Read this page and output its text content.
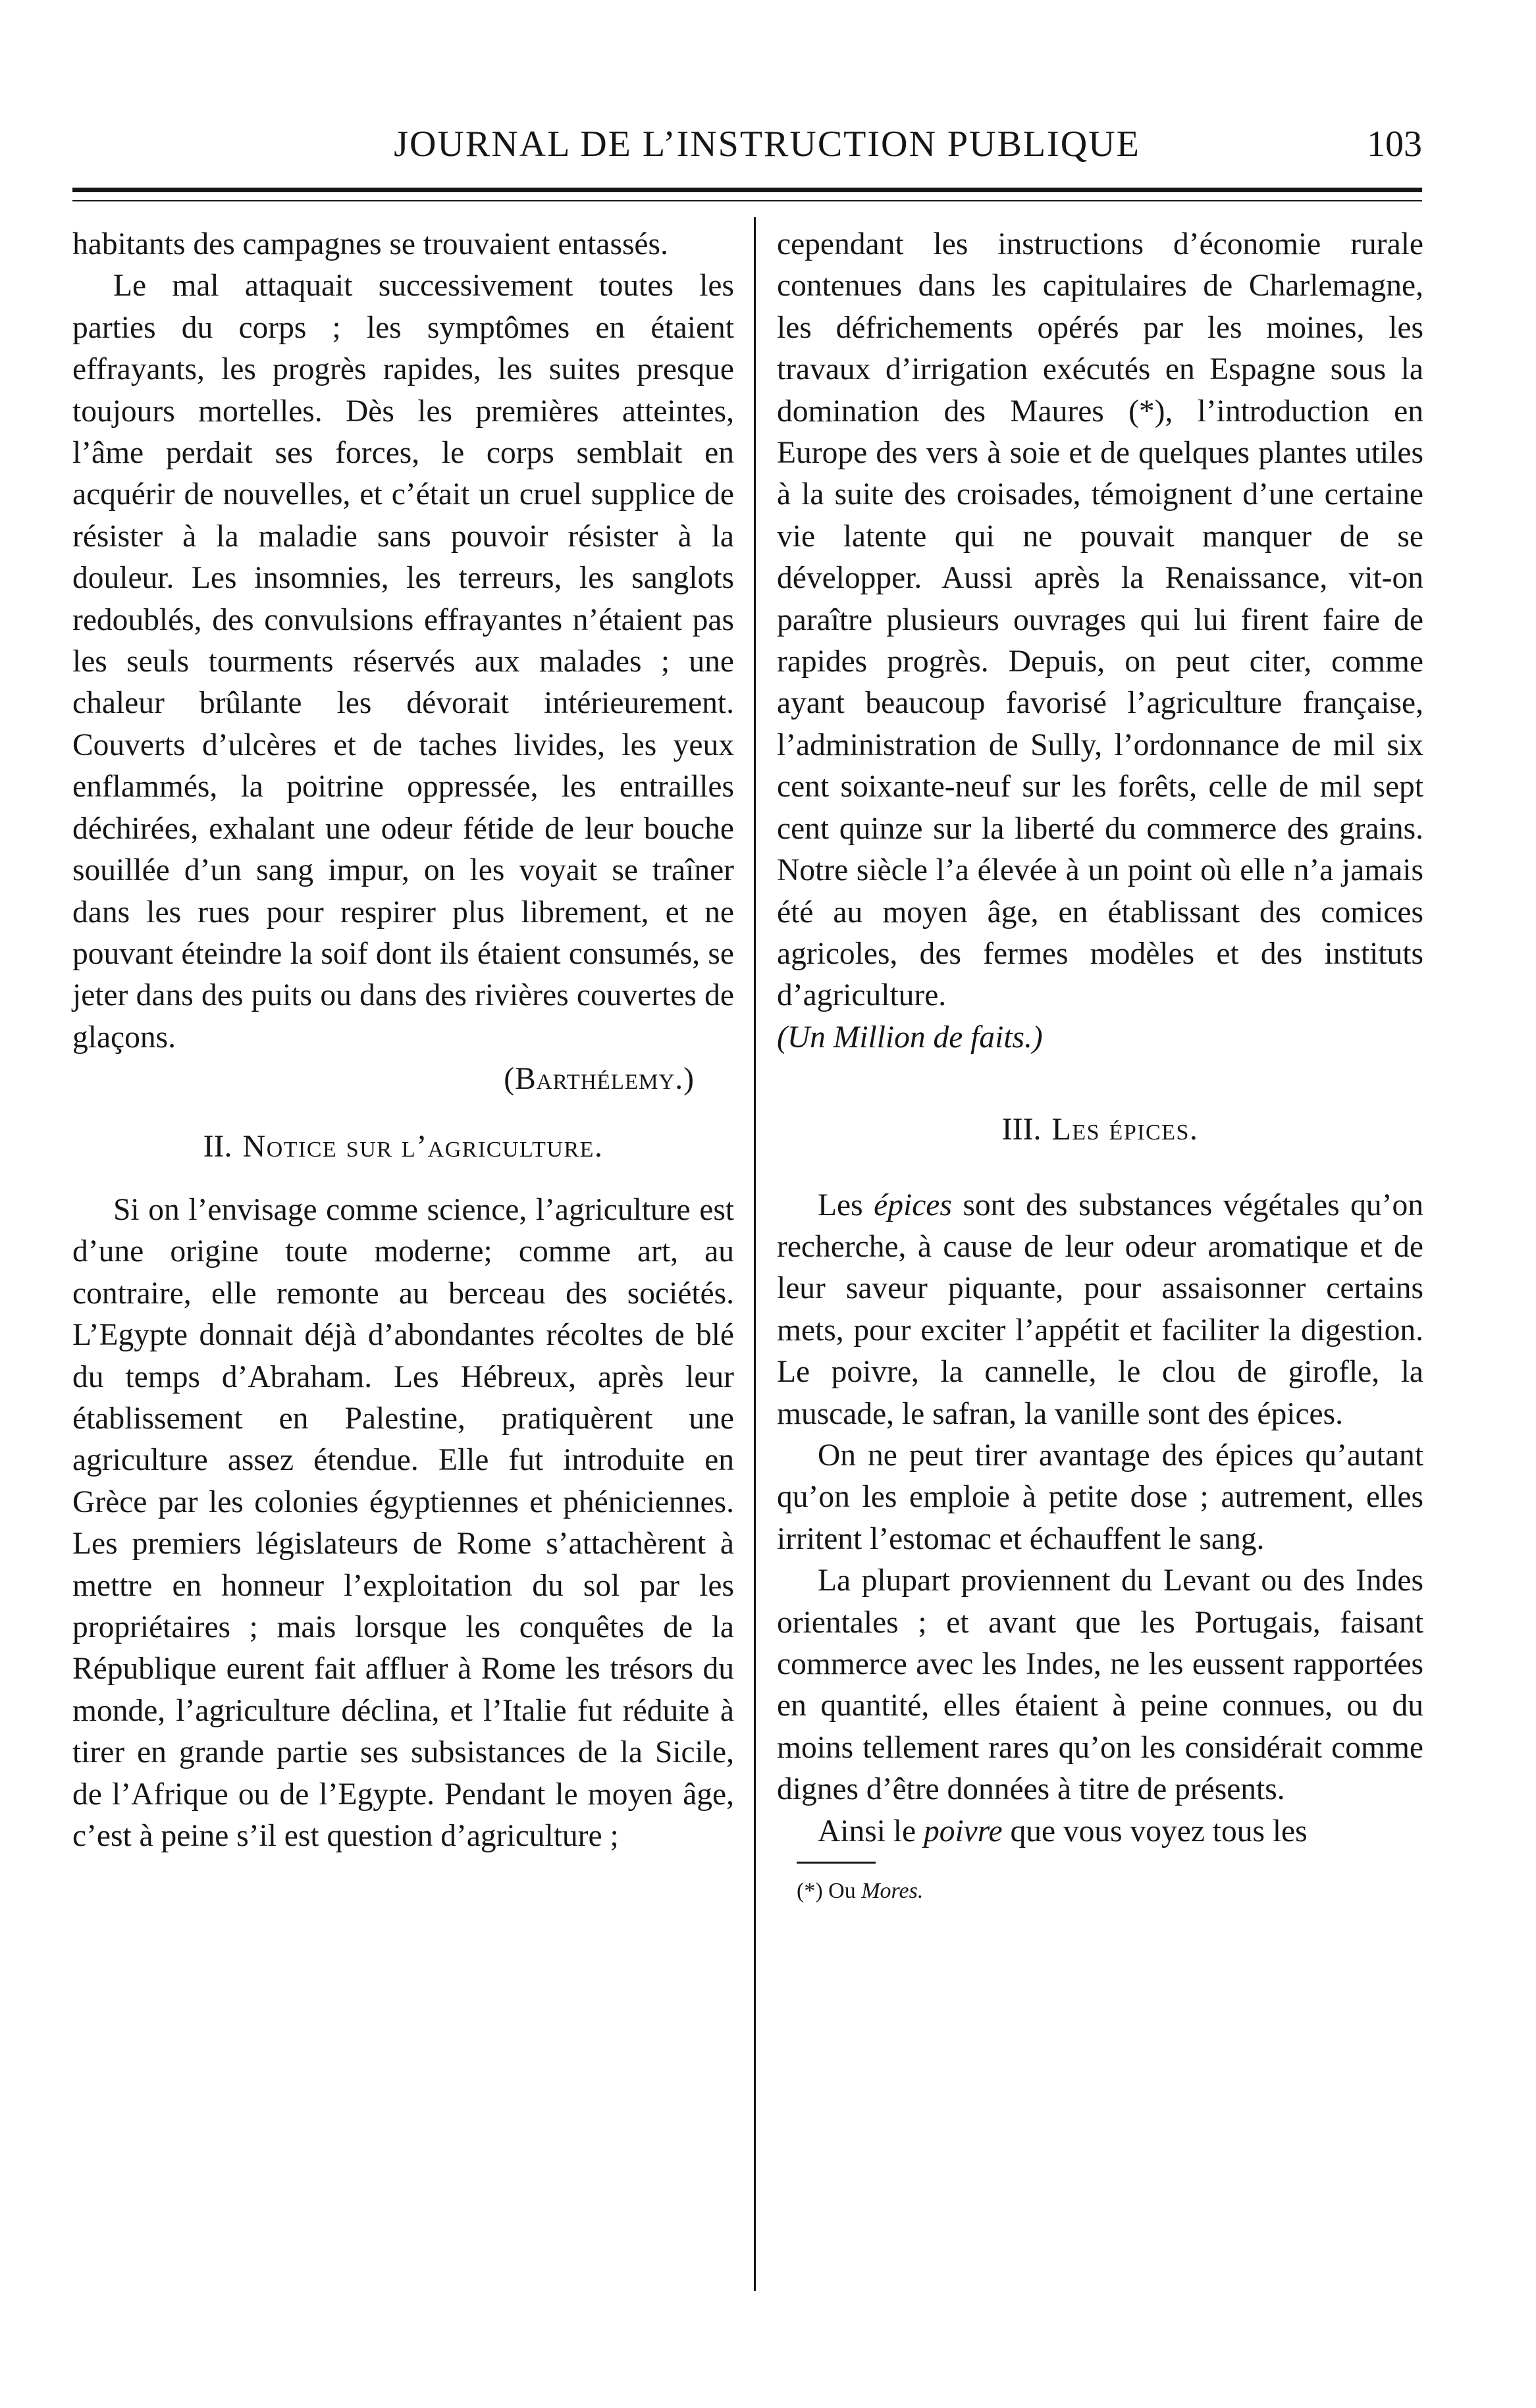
JOURNAL DE L’INSTRUCTION PUBLIQUE	103

habitants des campagnes se trouvaient entassés.

Le mal attaquait successivement toutes les parties du corps ; les symptômes en étaient effrayants, les progrès rapides, les suites presque toujours mortelles. Dès les premières atteintes, l’âme perdait ses forces, le corps semblait en acquérir de nouvelles, et c’était un cruel supplice de résister à la maladie sans pouvoir résister à la douleur. Les insomnies, les terreurs, les sanglots redoublés, des convulsions effrayantes n’étaient pas les seuls tourments réservés aux malades ; une chaleur brûlante les dévorait intérieurement. Couverts d’ulcères et de taches livides, les yeux enflammés, la poitrine oppressée, les entrailles déchirées, exhalant une odeur fétide de leur bouche souillée d’un sang impur, on les voyait se traîner dans les rues pour respirer plus librement, et ne pouvant éteindre la soif dont ils étaient consumés, se jeter dans des puits ou dans des rivières couvertes de glaçons.

(Barthélemy.)

II. Notice sur l’agriculture.

Si on l’envisage comme science, l’agriculture est d’une origine toute moderne; comme art, au contraire, elle remonte au berceau des sociétés. L’Egypte donnait déjà d’abondantes récoltes de blé du temps d’Abraham. Les Hébreux, après leur établissement en Palestine, pratiquèrent une agriculture assez étendue. Elle fut introduite en Grèce par les colonies égyptiennes et phéniciennes. Les premiers législateurs de Rome s’attachèrent à mettre en honneur l’exploitation du sol par les propriétaires ; mais lorsque les conquêtes de la République eurent fait affluer à Rome les trésors du monde, l’agriculture déclina, et l’Italie fut réduite à tirer en grande partie ses subsistances de la Sicile, de l’Afrique ou de l’Egypte. Pendant le moyen âge, c’est à peine s’il est question d’agriculture ;

cependant les instructions d’économie rurale contenues dans les capitulaires de Charlemagne, les défrichements opérés par les moines, les travaux d’irrigation exécutés en Espagne sous la domination des Maures (*), l’introduction en Europe des vers à soie et de quelques plantes utiles à la suite des croisades, témoignent d’une certaine vie latente qui ne pouvait manquer de se développer. Aussi après la Renaissance, vit-on paraître plusieurs ouvrages qui lui firent faire de rapides progrès. Depuis, on peut citer, comme ayant beaucoup favorisé l’agriculture française, l’administration de Sully, l’ordonnance de mil six cent soixante-neuf sur les forêts, celle de mil sept cent quinze sur la liberté du commerce des grains. Notre siècle l’a élevée à un point où elle n’a jamais été au moyen âge, en établissant des comices agricoles, des fermes modèles et des instituts d’agriculture.

(Un Million de faits.)

III. Les épices.

Les épices sont des substances végétales qu’on recherche, à cause de leur odeur aromatique et de leur saveur piquante, pour assaisonner certains mets, pour exciter l’appétit et faciliter la digestion. Le poivre, la cannelle, le clou de girofle, la muscade, le safran, la vanille sont des épices.

On ne peut tirer avantage des épices qu’autant qu’on les emploie à petite dose ; autrement, elles irritent l’estomac et échauffent le sang.

La plupart proviennent du Levant ou des Indes orientales ; et avant que les Portugais, faisant commerce avec les Indes, ne les eussent rapportées en quantité, elles étaient à peine connues, ou du moins tellement rares qu’on les considérait comme dignes d’être données à titre de présents.

Ainsi le poivre que vous voyez tous les

(*) Ou Mores.
